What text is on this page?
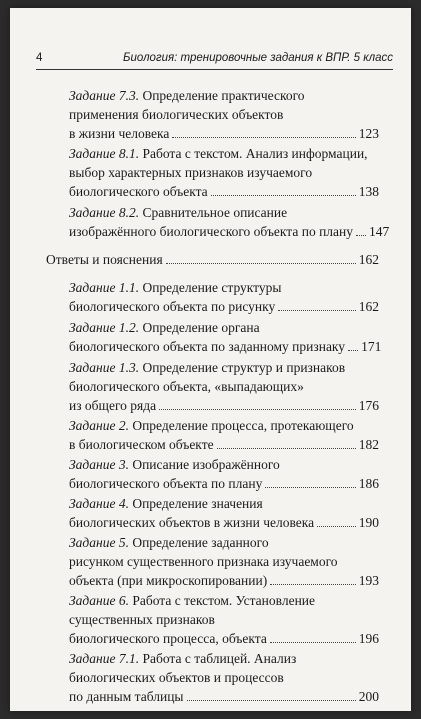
4	Биология: тренировочные задания к ВПР. 5 класс
Задание 7.3. Определение практического
применения биологических объектов
в жизни человека	123
Задание 8.1. Работа с текстом. Анализ информации,
выбор характерных признаков изучаемого
биологического объекта	138
Задание 8.2. Сравнительное описание
изображённого биологического объекта по плану 147
Ответы и пояснения	162
Задание 1.1. Определение структуры
биологического объекта по рисунку	162
Задание 1.2. Определение органа
биологического объекта по заданному признаку 171
Задание 1.3. Определение структур и признаков
биологического объекта, «выпадающих»
из общего ряда	176
Задание 2. Определение процесса, протекающего
в биологическом объекте	182
Задание 3. Описание изображённого
биологического объекта по плану	186
Задание 4. Определение значения
биологических объектов в жизни человека	190
Задание 5. Определение заданного
рисунком существенного признака изучаемого
объекта (при микроскопировании)	193
Задание 6. Работа с текстом. Установление
существенных признаков
биологического процесса, объекта	196
Задание 7.1. Работа с таблицей. Анализ
биологических объектов и процессов
по данным таблицы	200
